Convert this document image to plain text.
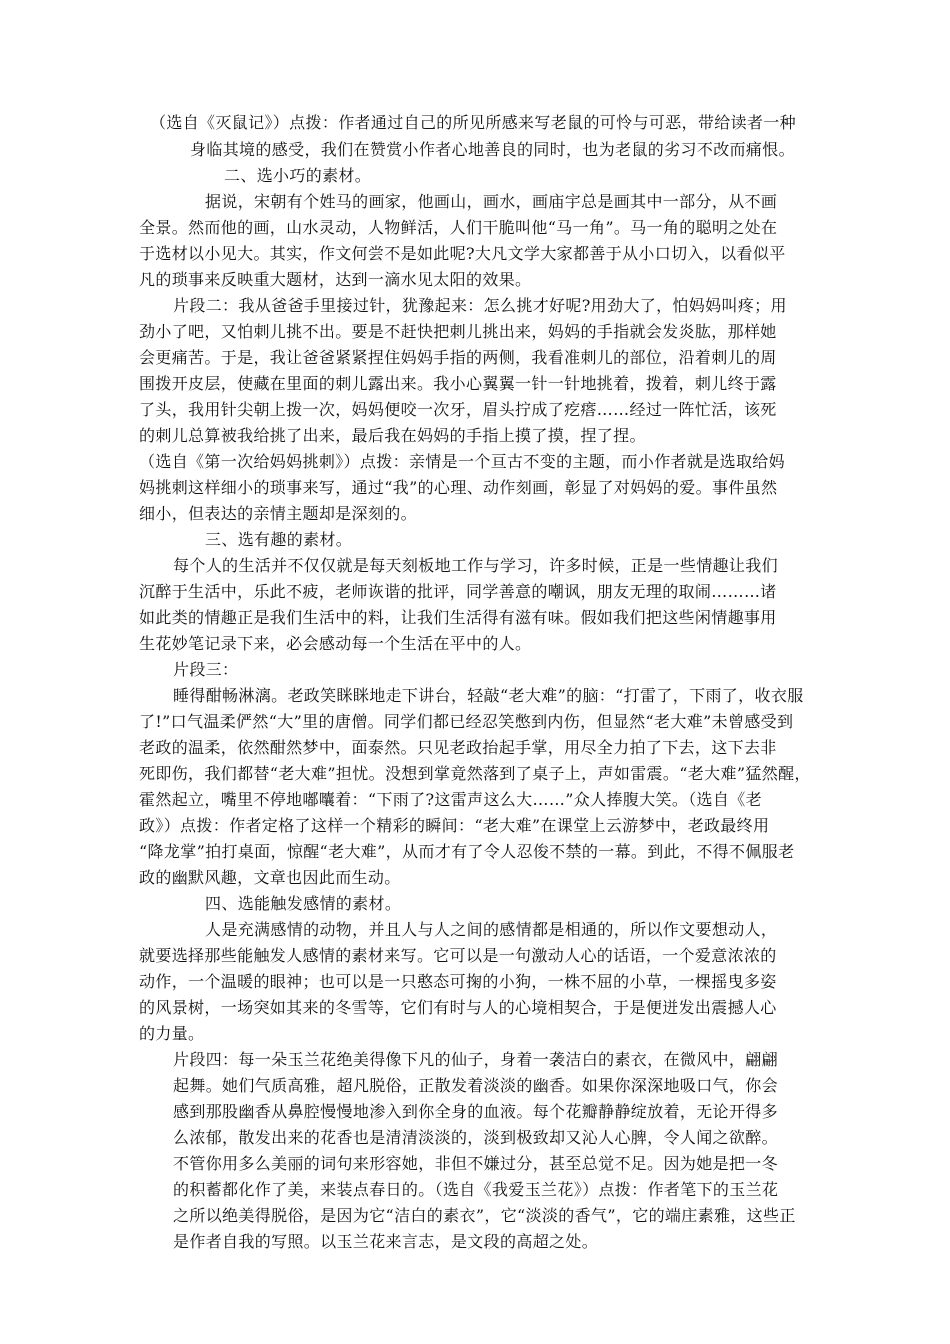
（选自《灭鼠记》）点拨：作者通过自己的所见所感来写老鼠的可怜与可恶，带给读者一种
身临其境的感受，我们在赞赏小作者心地善良的同时，也为老鼠的劣习不改而痛恨。
二、选小巧的素材。
据说，宋朝有个姓马的画家，他画山，画水，画庙宇总是画其中一部分，从不画
全景。然而他的画，山水灵动，人物鲜活，人们干脆叫他“马一角”。马一角的聪明之处在
于选材以小见大。其实，作文何尝不是如此呢?大凡文学大家都善于从小口切入，以看似平
凡的琐事来反映重大题材，达到一滴水见太阳的效果。
片段二：我从爸爸手里接过针，犹豫起来：怎么挑才好呢?用劲大了，怕妈妈叫疼；用
劲小了吧，又怕刺儿挑不出。要是不赶快把刺儿挑出来，妈妈的手指就会发炎肱，那样她
会更痛苦。于是，我让爸爸紧紧捏住妈妈手指的两侧，我看准刺儿的部位，沿着刺儿的周
围拨开皮层，使藏在里面的刺儿露出来。我小心翼翼一针一针地挑着，拨着，刺儿终于露
了头，我用针尖朝上拨一次，妈妈便咬一次牙，眉头拧成了疙瘩……经过一阵忙活，该死
的刺儿总算被我给挑了出来，最后我在妈妈的手指上摸了摸，捏了捏。
（选自《第一次给妈妈挑刺》）点拨：亲情是一个亘古不变的主题，而小作者就是选取给妈
妈挑刺这样细小的琐事来写，通过“我”的心理、动作刻画，彰显了对妈妈的爱。事件虽然
细小，但表达的亲情主题却是深刻的。
三、选有趣的素材。
每个人的生活并不仅仅就是每天刻板地工作与学习，许多时候，正是一些情趣让我们
沉醉于生活中，乐此不疲，老师诙谐的批评，同学善意的嘲讽，朋友无理的取闹………诸
如此类的情趣正是我们生活中的料，让我们生活得有滋有味。假如我们把这些闲情趣事用
生花妙笔记录下来，必会感动每一个生活在平中的人。
片段三：
睡得酣畅淋漓。老政笑眯眯地走下讲台，轻敲“老大难”的脑：“打雷了，下雨了，收衣服
了!”口气温柔俨然“大”里的唐僧。同学们都已经忍笑憋到内伤，但显然“老大难”未曾感受到
老政的温柔，依然酣然梦中，面泰然。只见老政抬起手掌，用尽全力拍了下去，这下去非
死即伤，我们都替“老大难”担忧。没想到掌竟然落到了桌子上，声如雷震。“老大难”猛然醒，
霍然起立，嘴里不停地嘟囔着：“下雨了?这雷声这么大……”众人捧腹大笑。（选自《老
政》）点拨：作者定格了这样一个精彩的瞬间：“老大难”在课堂上云游梦中，老政最终用
“降龙掌”拍打桌面，惊醒“老大难”，从而才有了令人忍俊不禁的一幕。到此，不得不佩服老
政的幽默风趣，文章也因此而生动。
四、选能触发感情的素材。
人是充满感情的动物，并且人与人之间的感情都是相通的，所以作文要想动人，
就要选择那些能触发人感情的素材来写。它可以是一句激动人心的话语，一个爱意浓浓的
动作，一个温暖的眼神；也可以是一只憨态可掬的小狗，一株不屈的小草，一棵摇曳多姿
的风景树，一场突如其来的冬雪等，它们有时与人的心境相契合，于是便迸发出震撼人心
的力量。
片段四：每一朵玉兰花绝美得像下凡的仙子，身着一袭洁白的素衣，在微风中，翩翩
起舞。她们气质高雅，超凡脱俗，正散发着淡淡的幽香。如果你深深地吸口气，你会
感到那股幽香从鼻腔慢慢地渗入到你全身的血液。每个花瓣静静绽放着，无论开得多
么浓郁，散发出来的花香也是清清淡淡的，淡到极致却又沁人心脾，令人闻之欲醉。
不管你用多么美丽的词句来形容她，非但不嫌过分，甚至总觉不足。因为她是把一冬
的积蓄都化作了美，来装点春日的。（选自《我爱玉兰花》）点拨：作者笔下的玉兰花
之所以绝美得脱俗，是因为它“洁白的素衣”，它“淡淡的香气”，它的端庄素雅，这些正
是作者自我的写照。以玉兰花来言志，是文段的高超之处。
